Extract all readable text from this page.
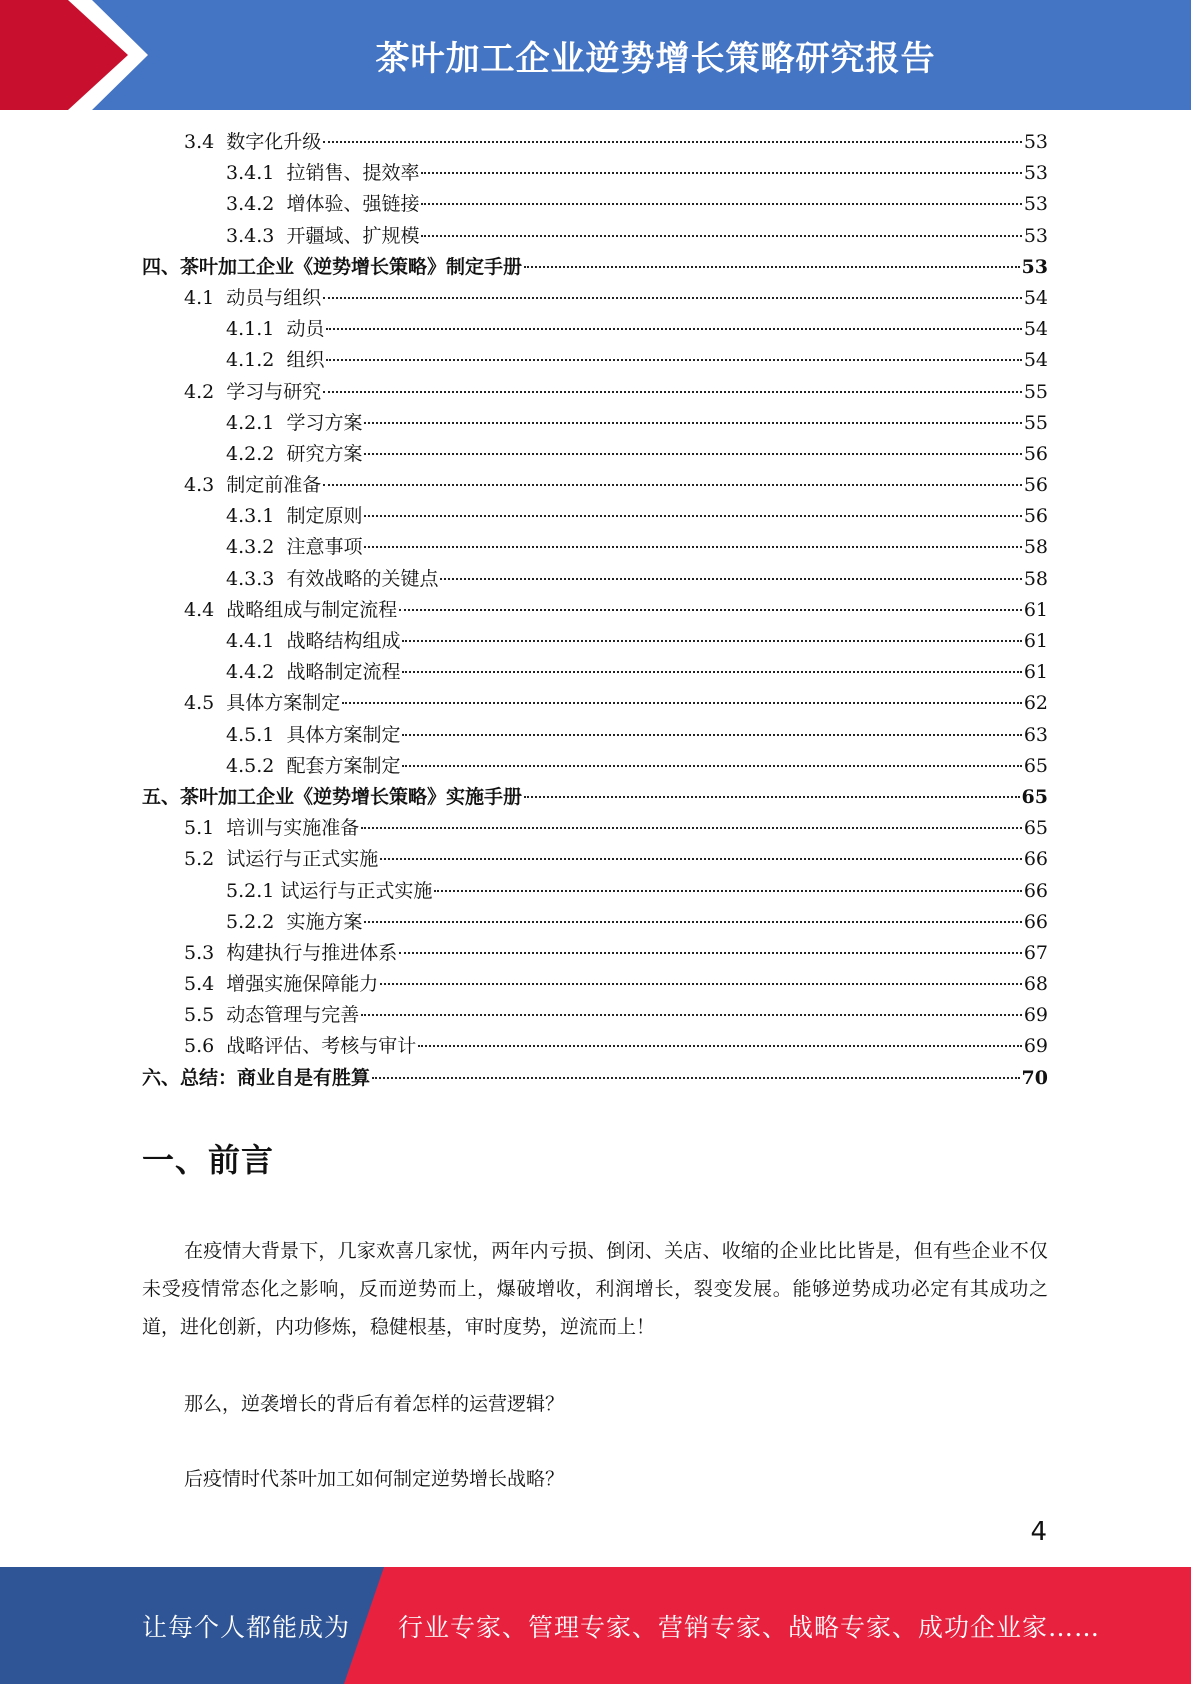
茶叶加工企业逆势增长策略研究报告
3.4 数字化升级	53
3.4.1 拉销售、提效率	53
3.4.2 增体验、强链接	53
3.4.3 开疆域、扩规模	53
四、茶叶加工企业《逆势增长策略》制定手册	53
4.1 动员与组织	54
4.1.1 动员	54
4.1.2 组织	54
4.2 学习与研究	55
4.2.1 学习方案	55
4.2.2 研究方案	56
4.3 制定前准备	56
4.3.1 制定原则	56
4.3.2 注意事项	58
4.3.3 有效战略的关键点	58
4.4 战略组成与制定流程	61
4.4.1 战略结构组成	61
4.4.2 战略制定流程	61
4.5 具体方案制定	62
4.5.1 具体方案制定	63
4.5.2 配套方案制定	65
五、茶叶加工企业《逆势增长策略》实施手册	65
5.1 培训与实施准备	65
5.2 试运行与正式实施	66
5.2.1 试运行与正式实施	66
5.2.2 实施方案	66
5.3 构建执行与推进体系	67
5.4 增强实施保障能力	68
5.5 动态管理与完善	69
5.6 战略评估、考核与审计	69
六、总结：商业自是有胜算	70
一、前言
在疫情大背景下，几家欢喜几家忧，两年内亏损、倒闭、关店、收缩的企业比比皆是，但有些企业不仅未受疫情常态化之影响，反而逆势而上，爆破增收，利润增长，裂变发展。能够逆势成功必定有其成功之道，进化创新，内功修炼，稳健根基，审时度势，逆流而上！
那么，逆袭增长的背后有着怎样的运营逻辑？
后疫情时代茶叶加工如何制定逆势增长战略？
4
让每个人都能成为 行业专家、管理专家、营销专家、战略专家、成功企业家……
